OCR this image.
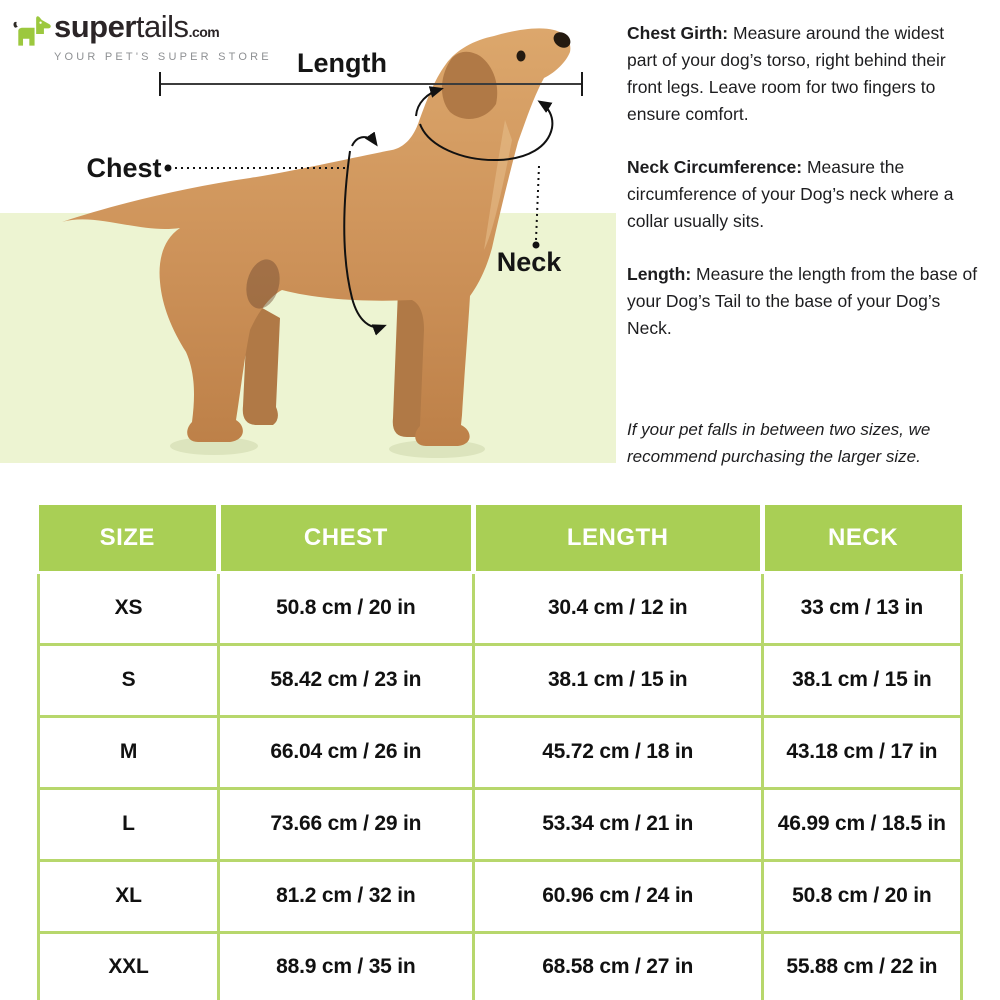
Length
Chest
Neck
supertails.com
YOUR PET'S SUPER STORE

Chest Girth: Measure around the widest part of your dog’s torso, right behind their front legs. Leave room for two fingers to ensure comfort.

Neck Circumference: Measure the circumference of your Dog’s neck where a collar usually sits.

Length: Measure the length from the base of your Dog’s Tail to the base of your Dog’s Neck.

If your pet falls in between two sizes, we recommend purchasing the larger size.
SIZE	CHEST	LENGTH	NECK
XS	50.8 cm / 20 in	30.4 cm / 12 in	33 cm / 13 in
S	58.42 cm / 23 in	38.1 cm / 15 in	38.1 cm / 15 in
M	66.04 cm / 26 in	45.72 cm / 18 in	43.18 cm / 17 in
L	73.66 cm / 29 in	53.34 cm / 21 in	46.99 cm / 18.5 in
XL	81.2 cm / 32 in	60.96 cm / 24 in	50.8 cm / 20 in
XXL	88.9 cm / 35 in	68.58 cm / 27 in	55.88 cm / 22 in
